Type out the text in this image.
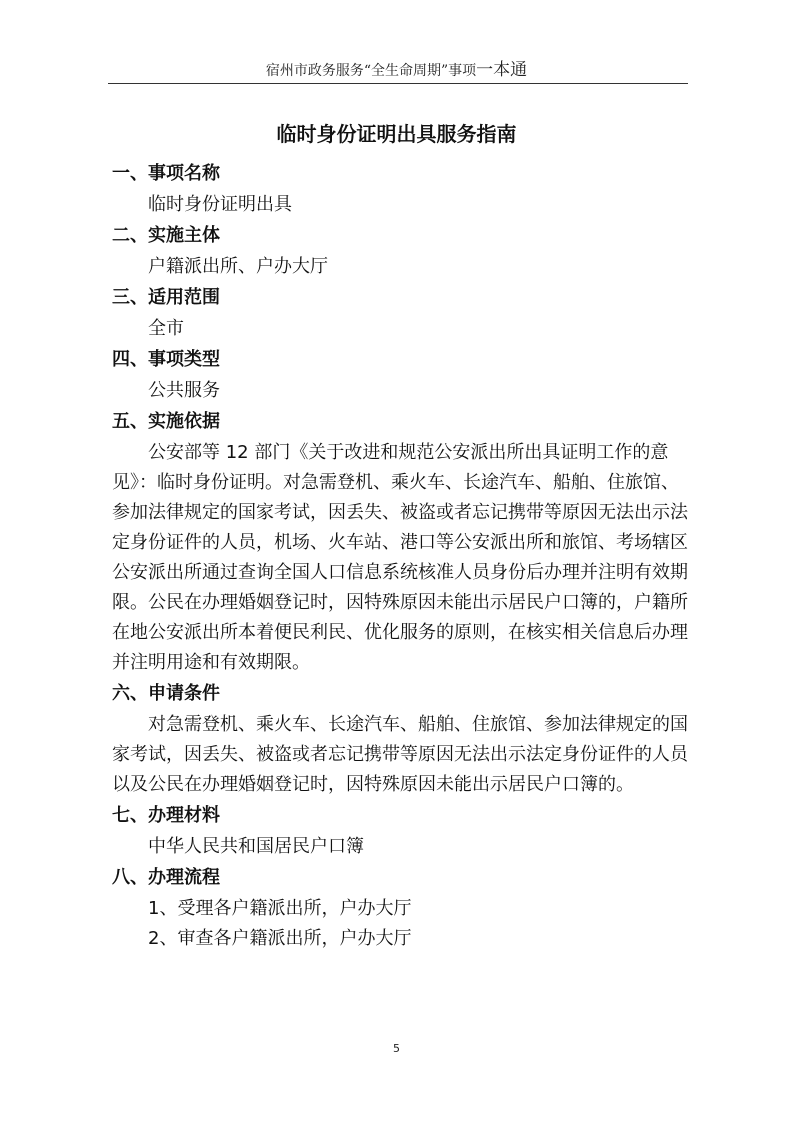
宿州市政务服务“全生命周期”事项一本通
临时身份证明出具服务指南

一、事项名称

临时身份证明出具

二、实施主体

户籍派出所、户办大厅

三、适用范围

全市

四、事项类型

公共服务

五、实施依据

公安部等 12 部门《关于改进和规范公安派出所出具证明工作的意见》：临时身份证明。对急需登机、乘火车、长途汽车、船舶、住旅馆、参加法律规定的国家考试，因丢失、被盗或者忘记携带等原因无法出示法定身份证件的人员，机场、火车站、港口等公安派出所和旅馆、考场辖区公安派出所通过查询全国人口信息系统核准人员身份后办理并注明有效期限。公民在办理婚姻登记时，因特殊原因未能出示居民户口簿的，户籍所在地公安派出所本着便民利民、优化服务的原则，在核实相关信息后办理并注明用途和有效期限。

六、申请条件

对急需登机、乘火车、长途汽车、船舶、住旅馆、参加法律规定的国家考试，因丢失、被盗或者忘记携带等原因无法出示法定身份证件的人员以及公民在办理婚姻登记时，因特殊原因未能出示居民户口簿的。

七、办理材料

中华人民共和国居民户口簿

八、办理流程

1、受理各户籍派出所，户办大厅

2、审查各户籍派出所，户办大厅

5
